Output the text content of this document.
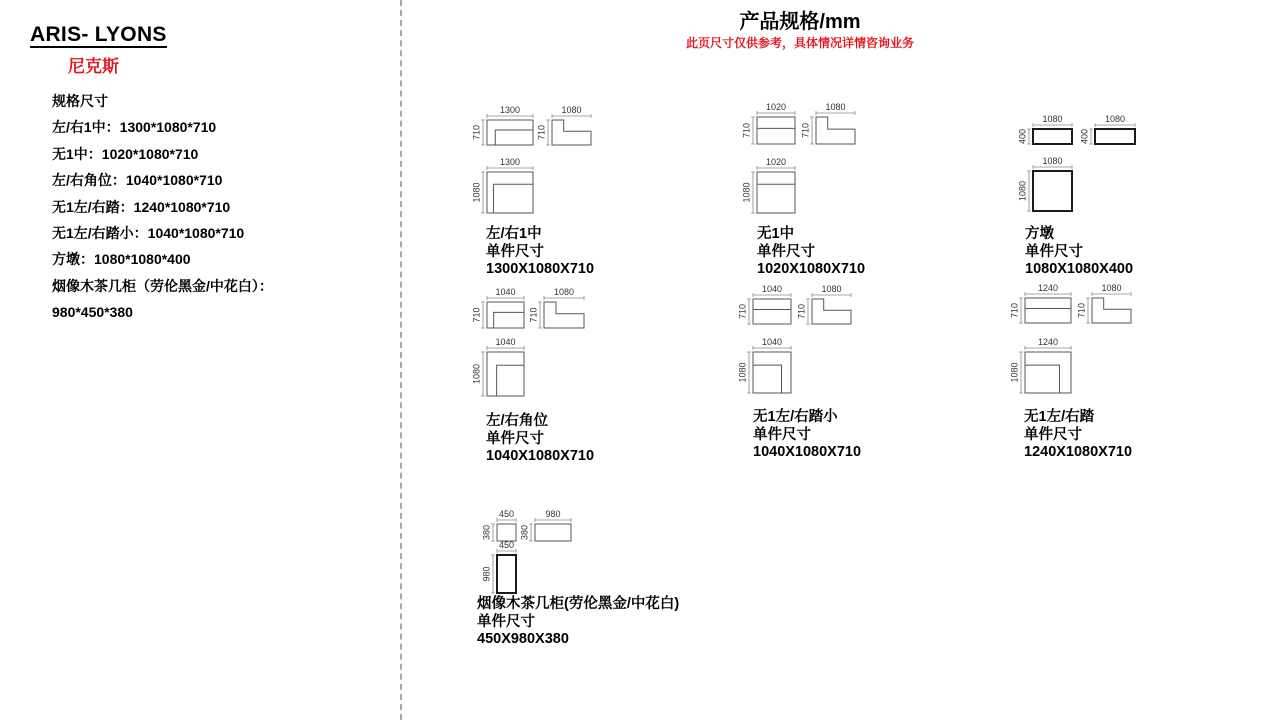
ARIS- LYONS
尼克斯
规格尺寸
左/右1中：1300*1080*710
无1中：1020*1080*710
左/右角位：1040*1080*710
无1左/右踏：1240*1080*710
无1左/右踏小：1040*1080*710
方墩：1080*1080*400
烟像木茶几柜（劳伦黑金/中花白）：
980*450*380
产品规格/mm
此页尺寸仅供参考，具体情况详情咨询业务
1300
710
1080
710
1300
1080
1020
710
1080
710
1020
1080
1080
400
1080
400
1080
1080
1040
710
1080
710
1040
1080
1040
710
1080
710
1040
1080
1240
710
1080
710
1240
1080
450
380
980
380
450
980
左/右1中
单件尺寸
1300X1080X710
无1中
单件尺寸
1020X1080X710
方墩
单件尺寸
1080X1080X400
左/右角位
单件尺寸
1040X1080X710
无1左/右踏小
单件尺寸
1040X1080X710
无1左/右踏
单件尺寸
1240X1080X710
烟像木茶几柜(劳伦黑金/中花白)
单件尺寸
450X980X380
